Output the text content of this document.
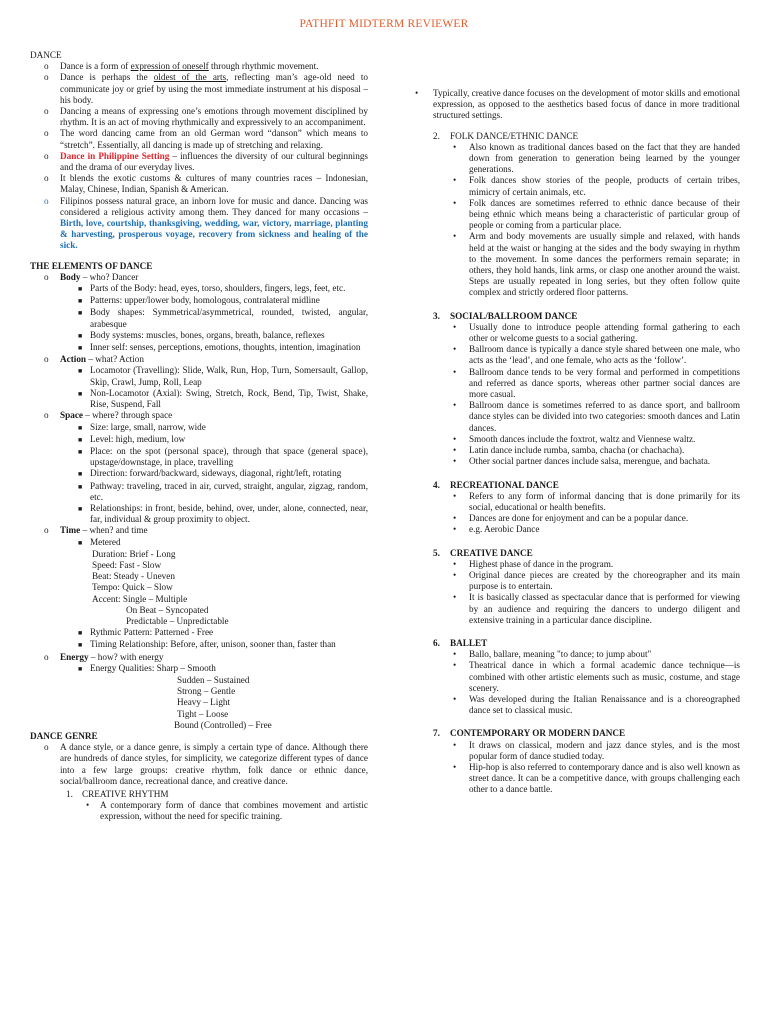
PATHFIT MIDTERM REVIEWER
DANCE
o	Dance is a form of expression of oneself through rhythmic movement.
o	Dance is perhaps the oldest of the arts, reflecting man’s age-old need to communicate joy or grief by using the most immediate instrument at his disposal – his body.
o	Dancing a means of expressing one’s emotions through movement disciplined by rhythm. It is an act of moving rhythmically and expressively to an accompaniment.
o	The word dancing came from an old German word “danson” which means to “stretch”. Essentially, all dancing is made up of stretching and relaxing.
o	Dance in Philippine Setting – influences the diversity of our cultural beginnings and the drama of our everyday lives.
o	It blends the exotic customs & cultures of many countries races – Indonesian, Malay, Chinese, Indian, Spanish & American.
o	Filipinos possess natural grace, an inborn love for music and dance. Dancing was considered a religious activity among them. They danced for many occasions – Birth, love, courtship, thanksgiving, wedding, war, victory, marriage, planting & harvesting, prosperous voyage, recovery from sickness and healing of the sick.
THE ELEMENTS OF DANCE
o	Body – who? Dancer
■ Parts of the Body: head, eyes, torso, shoulders, fingers, legs, feet, etc.
■ Patterns: upper/lower body, homologous, contralateral midline
■ Body shapes: Symmetrical/asymmetrical, rounded, twisted, angular, arabesque
■ Body systems: muscles, bones, organs, breath, balance, reflexes
■ Inner self: senses, perceptions, emotions, thoughts, intention, imagination
o	Action – what? Action
■ Locamotor (Travelling): Slide, Walk, Run, Hop, Turn, Somersault, Gallop, Skip, Crawl, Jump, Roll, Leap
■ Non-Locamotor (Axial): Swing, Stretch, Rock, Bend, Tip, Twist, Shake, Rise, Suspend, Fall
o	Space – where? through space
■ Size: large, small, narrow, wide
■ Level: high, medium, low
■ Place: on the spot (personal space), through that space (general space), upstage/downstage, in place, travelling
■ Direction: forward/backward, sideways, diagonal, right/left, rotating
■ Pathway: traveling, traced in air, curved, straight, angular, zigzag, random, etc.
■ Relationships: in front, beside, behind, over, under, alone, connected, near, far, individual & group proximity to object.
o	Time – when? and time
■ Metered
Duration: Brief - Long
Speed: Fast - Slow
Beat: Steady - Uneven
Tempo: Quick – Slow
Accent: Single – Multiple
On Beat – Syncopated
Predictable – Unpredictable
■ Rythmic Pattern: Patterned - Free
■ Timing Relationship: Before, after, unison, sooner than, faster than
o	Energy – how? with energy
■ Energy Qualities: Sharp – Smooth
Sudden – Sustained
Strong – Gentle
Heavy – Light
Tight – Loose
Bound (Controlled) – Free
DANCE GENRE
o	A dance style, or a dance genre, is simply a certain type of dance. Although there are hundreds of dance styles, for simplicity, we categorize different types of dance into a few large groups: creative rhythm, folk dance or ethnic dance, social/ballroom dance, recreational dance, and creative dance.
1. CREATIVE RHYTHM
•	A contemporary form of dance that combines movement and artistic expression, without the need for specific training.
•	Typically, creative dance focuses on the development of motor skills and emotional expression, as opposed to the aesthetics based focus of dance in more traditional structured settings.
2.	FOLK DANCE/ETHNIC DANCE
•	Also known as traditional dances based on the fact that they are handed down from generation to generation being learned by the younger generations.
•	Folk dances show stories of the people, products of certain tribes, mimicry of certain animals, etc.
•	Folk dances are sometimes referred to ethnic dance because of their being ethnic which means being a characteristic of particular group of people or coming from a particular place.
•	Arm and body movements are usually simple and relaxed, with hands held at the waist or hanging at the sides and the body swaying in rhythm to the movement. In some dances the performers remain separate; in others, they hold hands, link arms, or clasp one another around the waist. Steps are usually repeated in long series, but they often follow quite complex and strictly ordered floor patterns.
3.	SOCIAL/BALLROOM DANCE
•	Usually done to introduce people attending formal gathering to each other or welcome guests to a social gathering.
•	Ballroom dance is typically a dance style shared between one male, who acts as the ‘lead’, and one female, who acts as the ‘follow’.
•	Ballroom dance tends to be very formal and performed in competitions and referred as dance sports, whereas other partner social dances are more casual.
•	Ballroom dance is sometimes referred to as dance sport, and ballroom dance styles can be divided into two categories: smooth dances and Latin dances.
•	Smooth dances include the foxtrot, waltz and Viennese waltz.
•	Latin dance include rumba, samba, chacha (or chachacha).
•	Other social partner dances include salsa, merengue, and bachata.
4.	RECREATIONAL DANCE
•	Refers to any form of informal dancing that is done primarily for its social, educational or health benefits.
•	Dances are done for enjoyment and can be a popular dance.
•	e.g. Aerobic Dance
5.	CREATIVE DANCE
•	Highest phase of dance in the program.
•	Original dance pieces are created by the choreographer and its main purpose is to entertain.
•	It is basically classed as spectacular dance that is performed for viewing by an audience and requiring the dancers to undergo diligent and extensive training in a particular dance discipline.
6.	BALLET
•	Ballo, ballare, meaning "to dance; to jump about"
•	Theatrical dance in which a formal academic dance technique—is combined with other artistic elements such as music, costume, and stage scenery.
•	Was developed during the Italian Renaissance and is a choreographed dance set to classical music.
7.	CONTEMPORARY OR MODERN DANCE
•	It draws on classical, modern and jazz dance styles, and is the most popular form of dance studied today.
•	Hip-hop is also referred to contemporary dance and is also well known as street dance. It can be a competitive dance, with groups challenging each other to a dance battle.
